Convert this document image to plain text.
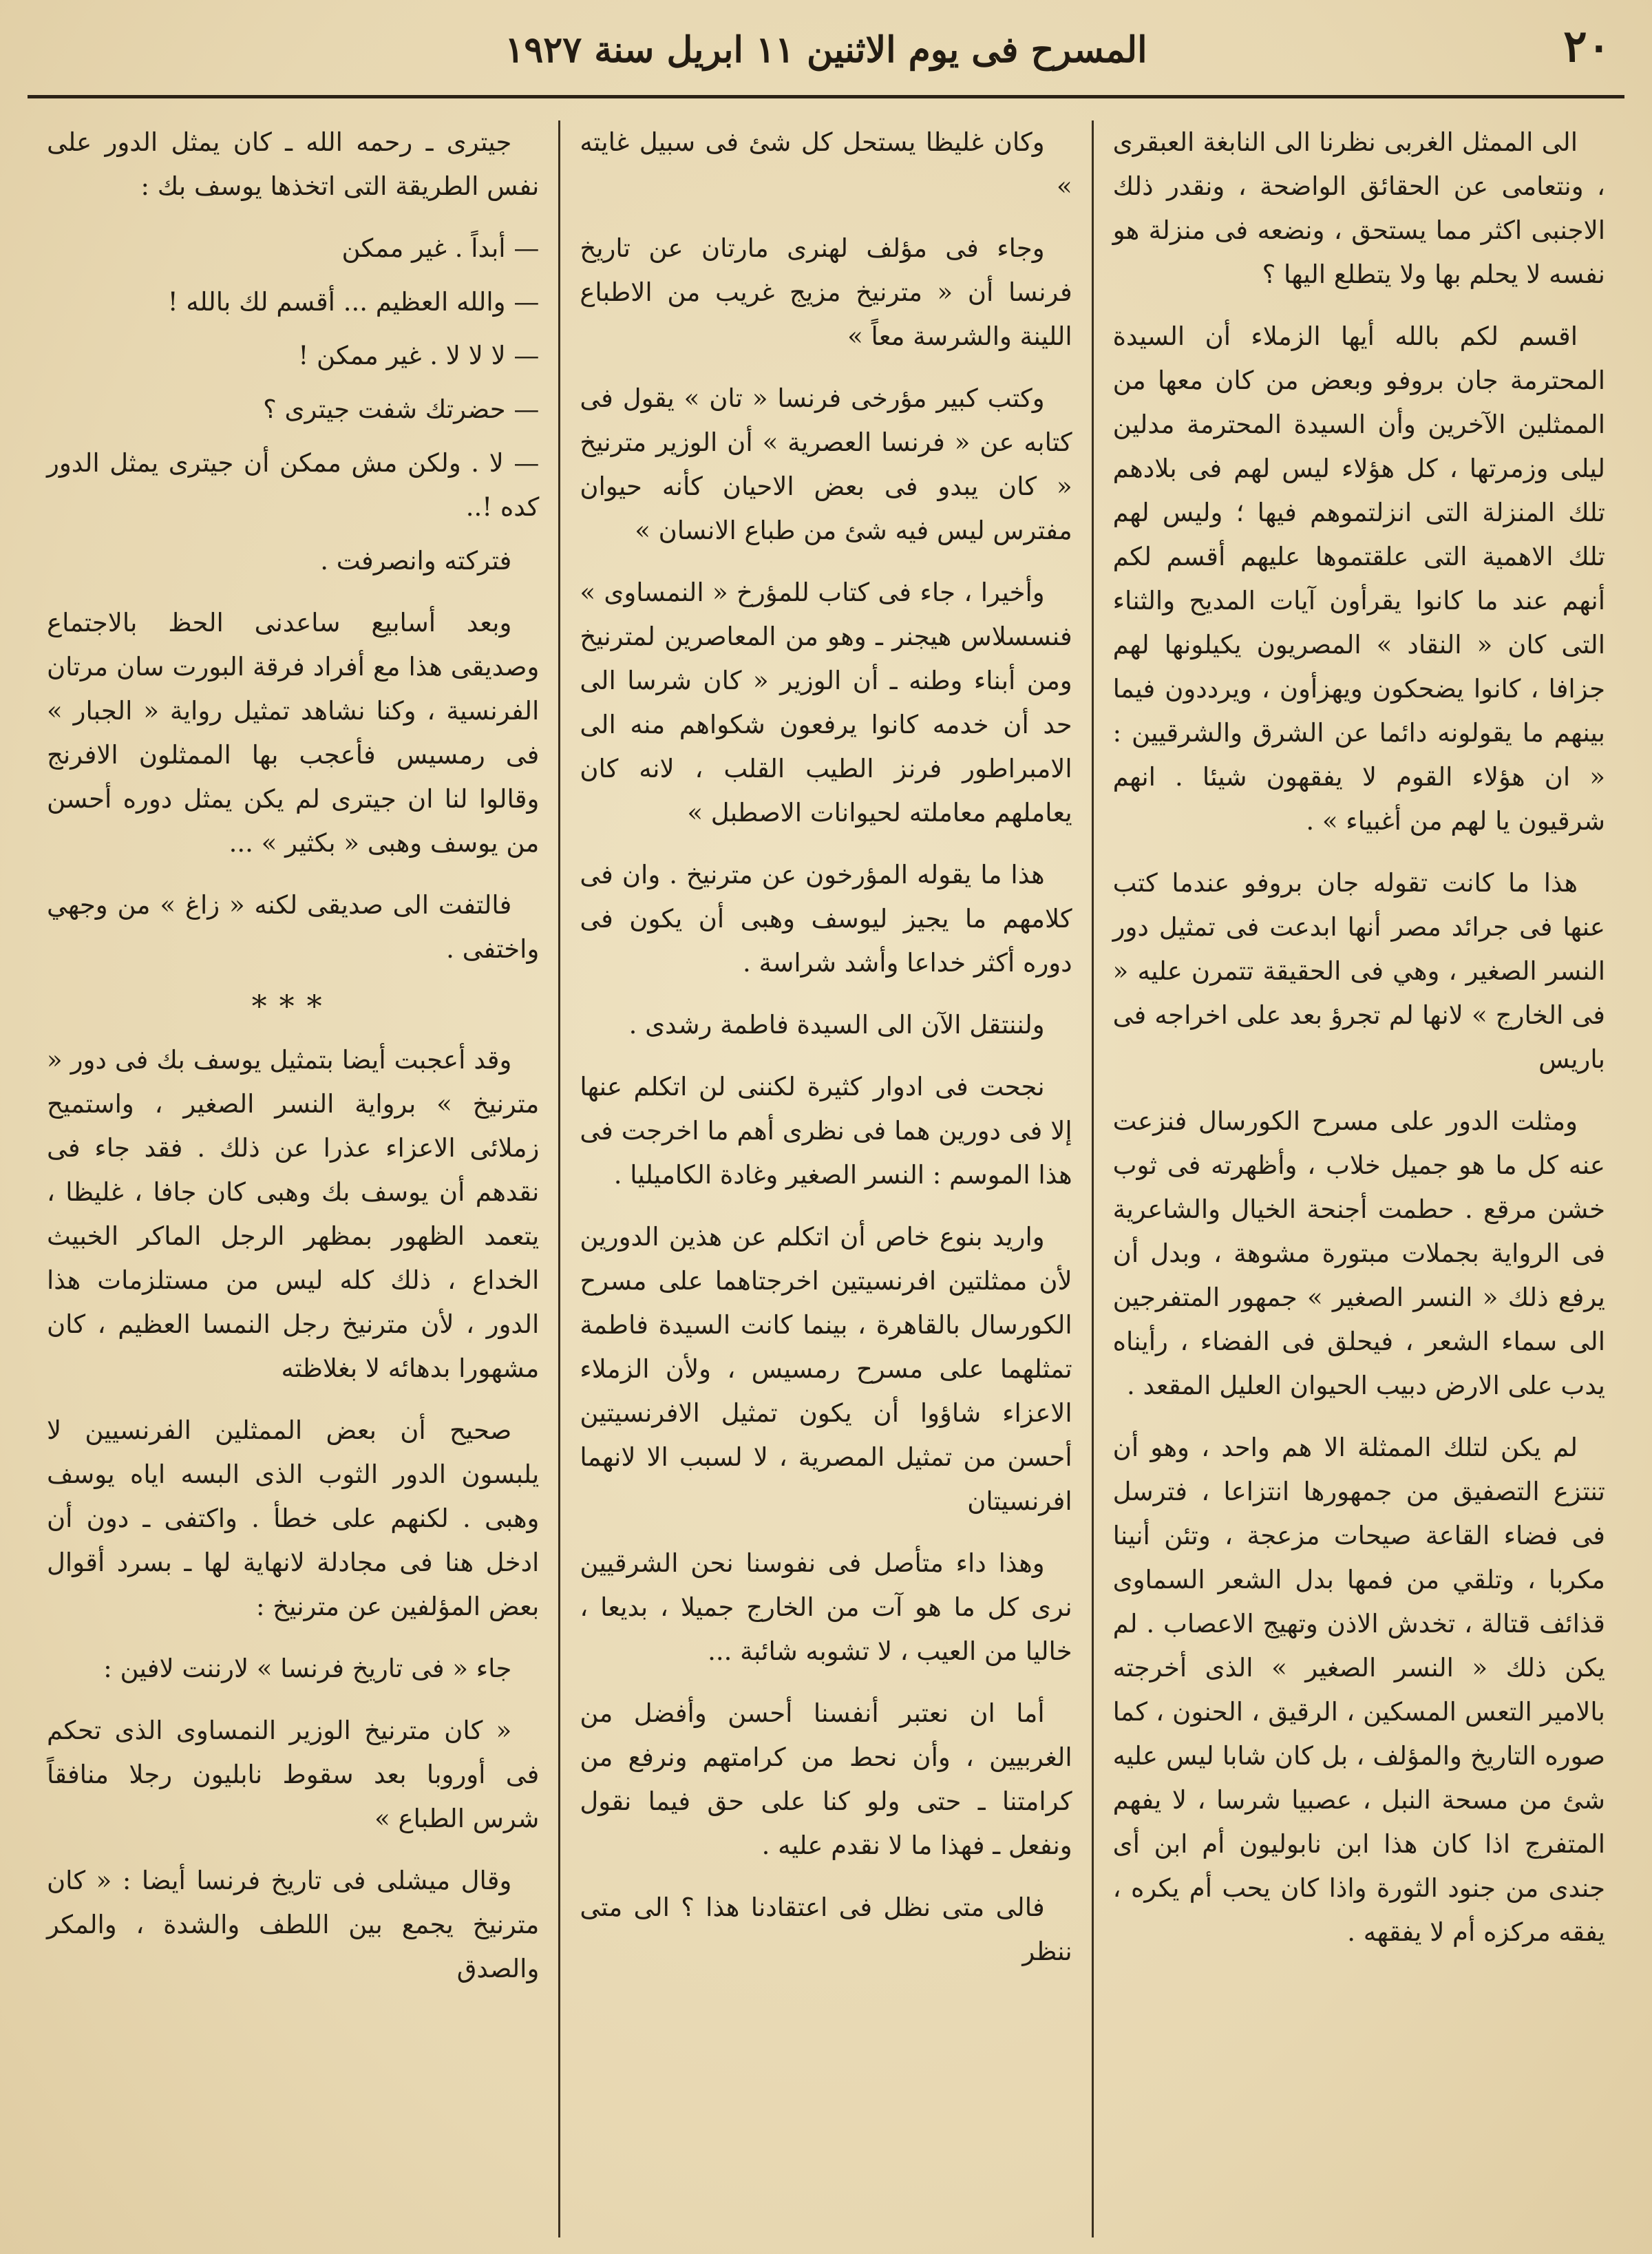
٢٠
المسرح فى يوم الاثنين ١١ ابريل سنة ١٩٢٧

جيترى ـ رحمه الله ـ كان يمثل الدور على نفس الطريقة التى اتخذها يوسف بك :

— أبداً . غير ممكن

— والله العظيم ... أقسم لك بالله !

— لا لا لا . غير ممكن !

— حضرتك شفت جيترى ؟

— لا . ولكن مش ممكن أن جيترى يمثل الدور كده !..

فتركته وانصرفت .

وبعد أسابيع ساعدنى الحظ بالاجتماع وصديقى هذا مع أفراد فرقة البورت سان مرتان الفرنسية ، وكنا نشاهد تمثيل رواية « الجبار » فى رمسيس فأعجب بها الممثلون الافرنج وقالوا لنا ان جيترى لم يكن يمثل دوره أحسن من يوسف وهبى « بكثير » ...

فالتفت الى صديقى لكنه « زاغ » من وجهي واختفى .

***

وقد أعجبت أيضا بتمثيل يوسف بك فى دور « مترنيخ » برواية النسر الصغير ، واستميح زملائى الاعزاء عذرا عن ذلك . فقد جاء فى نقدهم أن يوسف بك وهبى كان جافا ، غليظا ، يتعمد الظهور بمظهر الرجل الماكر الخبيث الخداع ، ذلك كله ليس من مستلزمات هذا الدور ، لأن مترنيخ رجل النمسا العظيم ، كان مشهورا بدهائه لا بغلاظته

صحيح أن بعض الممثلين الفرنسيين لا يلبسون الدور الثوب الذى البسه اياه يوسف وهبى . لكنهم على خطأ . واكتفى ـ دون أن ادخل هنا فى مجادلة لانهاية لها ـ بسرد أقوال بعض المؤلفين عن مترنيخ :

جاء « فى تاريخ فرنسا » لارننت لافين :

« كان مترنيخ الوزير النمساوى الذى تحكم فى أوروبا بعد سقوط نابليون رجلا منافقاً شرس الطباع »

وقال ميشلى فى تاريخ فرنسا أيضا : « كان مترنيخ يجمع بين اللطف والشدة ، والمكر والصدق

وكان غليظا يستحل كل شئ فى سبيل غايته »

وجاء فى مؤلف لهنرى مارتان عن تاريخ فرنسا أن « مترنيخ مزيج غريب من الاطباع اللينة والشرسة معاً »

وكتب كبير مؤرخى فرنسا « تان » يقول فى كتابه عن « فرنسا العصرية » أن الوزير مترنيخ « كان يبدو فى بعض الاحيان كأنه حيوان مفترس ليس فيه شئ من طباع الانسان »

وأخيرا ، جاء فى كتاب للمؤرخ « النمساوى » فنسسلاس هيجنر ـ وهو من المعاصرين لمترنيخ ومن أبناء وطنه ـ أن الوزير « كان شرسا الى حد أن خدمه كانوا يرفعون شكواهم منه الى الامبراطور فرنز الطيب القلب ، لانه كان يعاملهم معاملته لحيوانات الاصطبل »

هذا ما يقوله المؤرخون عن مترنيخ . وان فى كلامهم ما يجيز ليوسف وهبى أن يكون فى دوره أكثر خداعا وأشد شراسة .

ولننتقل الآن الى السيدة فاطمة رشدى .

نجحت فى ادوار كثيرة لكننى لن اتكلم عنها إلا فى دورين هما فى نظرى أهم ما اخرجت فى هذا الموسم : النسر الصغير وغادة الكاميليا .

واريد بنوع خاص أن اتكلم عن هذين الدورين لأن ممثلتين افرنسيتين اخرجتاهما على مسرح الكورسال بالقاهرة ، بينما كانت السيدة فاطمة تمثلهما على مسرح رمسيس ، ولأن الزملاء الاعزاء شاؤوا أن يكون تمثيل الافرنسيتين أحسن من تمثيل المصرية ، لا لسبب الا لانهما افرنسيتان

وهذا داء متأصل فى نفوسنا نحن الشرقيين نرى كل ما هو آت من الخارج جميلا ، بديعا ، خاليا من العيب ، لا تشوبه شائبة ...

أما ان نعتبر أنفسنا أحسن وأفضل من الغربيين ، وأن نحط من كرامتهم ونرفع من كرامتنا ـ حتى ولو كنا على حق فيما نقول ونفعل ـ فهذا ما لا نقدم عليه .

فالى متى نظل فى اعتقادنا هذا ؟ الى متى ننظر

الى الممثل الغربى نظرنا الى النابغة العبقرى ، ونتعامى عن الحقائق الواضحة ، ونقدر ذلك الاجنبى اكثر مما يستحق ، ونضعه فى منزلة هو نفسه لا يحلم بها ولا يتطلع اليها ؟

اقسم لكم بالله أيها الزملاء أن السيدة المحترمة جان بروفو وبعض من كان معها من الممثلين الآخرين وأن السيدة المحترمة مدلين ليلى وزمرتها ، كل هؤلاء ليس لهم فى بلادهم تلك المنزلة التى انزلتموهم فيها ؛ وليس لهم تلك الاهمية التى علقتموها عليهم أقسم لكم أنهم عند ما كانوا يقرأون آيات المديح والثناء التى كان « النقاد » المصريون يكيلونها لهم جزافا ، كانوا يضحكون ويهزأون ، ويرددون فيما بينهم ما يقولونه دائما عن الشرق والشرقيين : « ان هؤلاء القوم لا يفقهون شيئا . انهم شرقيون يا لهم من أغبياء » .

هذا ما كانت تقوله جان بروفو عندما كتب عنها فى جرائد مصر أنها ابدعت فى تمثيل دور النسر الصغير ، وهي فى الحقيقة تتمرن عليه « فى الخارج » لانها لم تجرؤ بعد على اخراجه فى باريس

ومثلت الدور على مسرح الكورسال فنزعت عنه كل ما هو جميل خلاب ، وأظهرته فى ثوب خشن مرقع . حطمت أجنحة الخيال والشاعرية فى الرواية بجملات مبتورة مشوهة ، وبدل أن يرفع ذلك « النسر الصغير » جمهور المتفرجين الى سماء الشعر ، فيحلق فى الفضاء ، رأيناه يدب على الارض دبيب الحيوان العليل المقعد .

لم يكن لتلك الممثلة الا هم واحد ، وهو أن تنتزع التصفيق من جمهورها انتزاعا ، فترسل فى فضاء القاعة صيحات مزعجة ، وتئن أنينا مكربا ، وتلقي من فمها بدل الشعر السماوى قذائف قتالة ، تخدش الاذن وتهيج الاعصاب . لم يكن ذلك « النسر الصغير » الذى أخرجته بالامير التعس المسكين ، الرقيق ، الحنون ، كما صوره التاريخ والمؤلف ، بل كان شابا ليس عليه شئ من مسحة النبل ، عصبيا شرسا ، لا يفهم المتفرج اذا كان هذا ابن نابوليون أم ابن أى جندى من جنود الثورة واذا كان يحب أم يكره ، يفقه مركزه أم لا يفقهه .
